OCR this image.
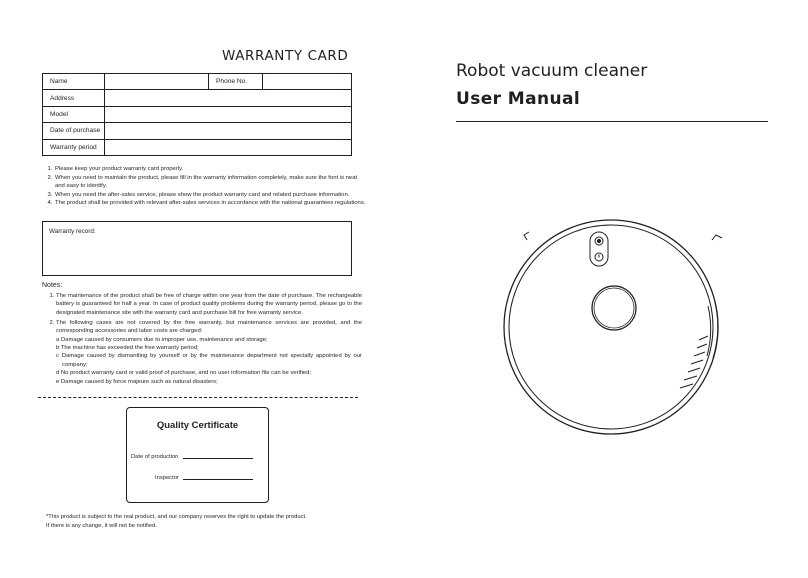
WARRANTY CARD
Name		Phone No.	
Address			
Model			
Date of purchase			
Warranty period			
1. Please keep your product warranty card properly.
2. When you need to maintain the product, please fill in the warranty information completely, make sure the font is neat and easy to identify.
3. When you need the after-sales service, please show the product warranty card and related purchase information.
4. The product shall be provided with relevant after-sales services in accordance with the national guarantees regulations.
Warranty record:
Notes:
1. The maintenance of the product shall be free of charge within one year from the date of purchase. The rechargeable battery is guaranteed for half a year. In case of product quality problems during the warranty period, please go to the designated maintenance site with the warranty card and purchase bill for free warranty service.
2. The following cases are not covered by the free warranty, but maintenance services are provided, and the corresponding accessories and labor costs are charged:
a Damage caused by consumers due to improper use, maintenance and storage;
b The machine has exceeded the free warranty period;
c Damage caused by dismantling by yourself or by the maintenance department not specially appointed by our company;
d No product warranty card or valid proof of purchase, and no user information file can be verified;
e Damage caused by force majeure such as natural disasters;
Quality Certificate
Date of production
Inspector
*This product is subject to the real product, and our company reserves the right to update the product.
If there is any change, it will not be notified.
Robot vacuum cleaner
User Manual
